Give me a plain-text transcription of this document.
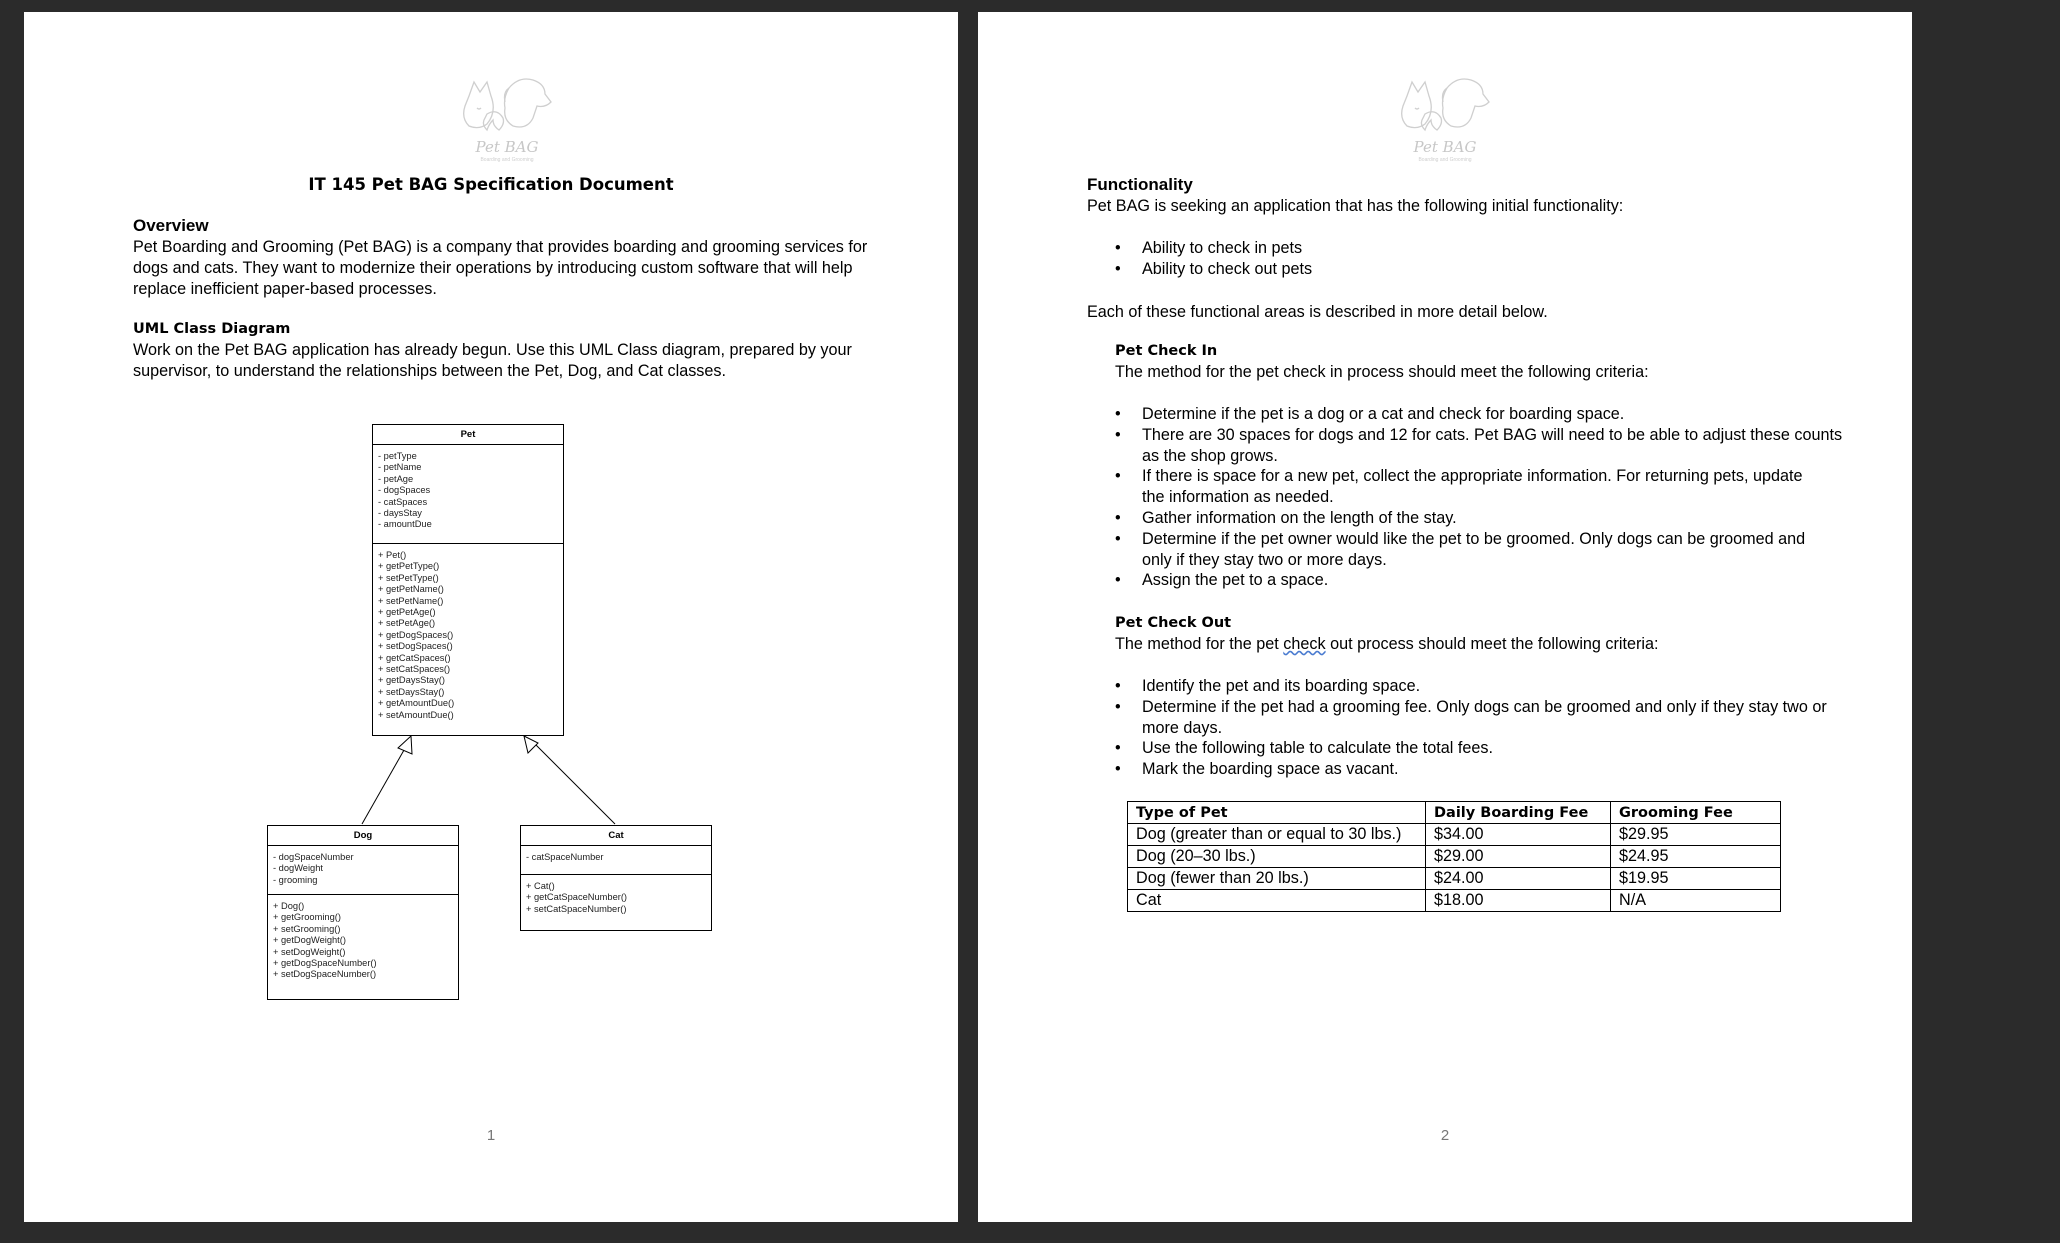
Pet BAG
Boarding and Grooming
IT 145 Pet BAG Specification Document
Overview
Pet Boarding and Grooming (Pet BAG) is a company that provides boarding and grooming services for
dogs and cats. They want to modernize their operations by introducing custom software that will help
replace inefficient paper-based processes.
UML Class Diagram
Work on the Pet BAG application has already begun. Use this UML Class diagram, prepared by your
supervisor, to understand the relationships between the Pet, Dog, and Cat classes.
Pet
- petType
- petName
- petAge
- dogSpaces
- catSpaces
- daysStay
- amountDue
+ Pet()
+ getPetType()
+ setPetType()
+ getPetName()
+ setPetName()
+ getPetAge()
+ setPetAge()
+ getDogSpaces()
+ setDogSpaces()
+ getCatSpaces()
+ setCatSpaces()
+ getDaysStay()
+ setDaysStay()
+ getAmountDue()
+ setAmountDue()
Dog
- dogSpaceNumber
- dogWeight
- grooming
+ Dog()
+ getGrooming()
+ setGrooming()
+ getDogWeight()
+ setDogWeight()
+ getDogSpaceNumber()
+ setDogSpaceNumber()
Cat
- catSpaceNumber
+ Cat()
+ getCatSpaceNumber()
+ setCatSpaceNumber()
1
Pet BAG
Boarding and Grooming
Functionality
Pet BAG is seeking an application that has the following initial functionality:
• Ability to check in pets
• Ability to check out pets
Each of these functional areas is described in more detail below.
Pet Check In
The method for the pet check in process should meet the following criteria:
• Determine if the pet is a dog or a cat and check for boarding space.
• There are 30 spaces for dogs and 12 for cats. Pet BAG will need to be able to adjust these counts
as the shop grows.
• If there is space for a new pet, collect the appropriate information. For returning pets, update
the information as needed.
• Gather information on the length of the stay.
• Determine if the pet owner would like the pet to be groomed. Only dogs can be groomed and
only if they stay two or more days.
• Assign the pet to a space.
Pet Check Out
The method for the pet check out process should meet the following criteria:
• Identify the pet and its boarding space.
• Determine if the pet had a grooming fee. Only dogs can be groomed and only if they stay two or
more days.
• Use the following table to calculate the total fees.
• Mark the boarding space as vacant.
Type of Pet	Daily Boarding Fee	Grooming Fee
Dog (greater than or equal to 30 lbs.)	$34.00	$29.95
Dog (20–30 lbs.)	$29.00	$24.95
Dog (fewer than 20 lbs.)	$24.00	$19.95
Cat	$18.00	N/A
2
